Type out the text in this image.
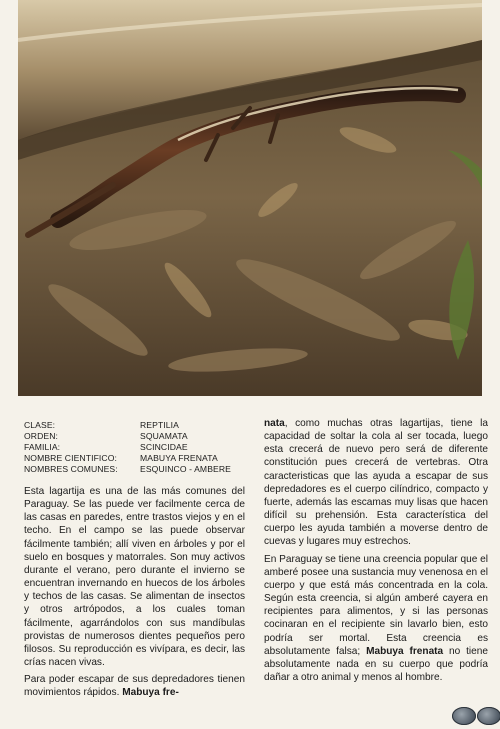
CLASE:	REPTILIA
ORDEN:	SQUAMATA
FAMILIA:	SCINCIDAE
NOMBRE CIENTIFICO:	MABUYA FRENATA
NOMBRES COMUNES:	ESQUINCO - AMBERE

Esta lagartija es una de las más comunes del Paraguay. Se las puede ver facilmente cerca de las casas en paredes, entre trastos viejos y en el techo. En el campo se las puede observar fácilmente también; allí viven en árboles y por el suelo en bosques y matorrales. Son muy activos durante el verano, pero durante el invierno se encuentran invernando en huecos de los árboles y techos de las casas. Se alimentan de insectos y otros artrópodos, a los cuales toman fácilmente, agarrándolos con sus mandíbulas provistas de numerosos dientes pequeños pero filosos. Su reproducción es vivípara, es decir, las crías nacen vivas.

Para poder escapar de sus depredadores tienen movimientos rápidos. Mabuya fre-

nata, como muchas otras lagartijas, tiene la capacidad de soltar la cola al ser tocada, luego esta crecerá de nuevo pero será de diferente constitución pues crecerá de vertebras. Otra caracteristicas que las ayuda a escapar de sus depredadores es el cuerpo cilíndrico, compacto y fuerte, además las escamas muy lisas que hacen difícil su prehensión. Esta característica del cuerpo les ayuda también a moverse dentro de cuevas y lugares muy estrechos.

En Paraguay se tiene una creencia popular que el amberé posee una sustancia muy venenosa en el cuerpo y que está más concentrada en la cola. Según esta creencia, si algún amberé cayera en recipientes para alimentos, y si las personas cocinaran en el recipiente sin lavarlo bien, esto podría ser mortal. Esta creencia es absolutamente falsa; Mabuya frenata no tiene absolutamente nada en su cuerpo que podría dañar a otro animal y menos al hombre.
